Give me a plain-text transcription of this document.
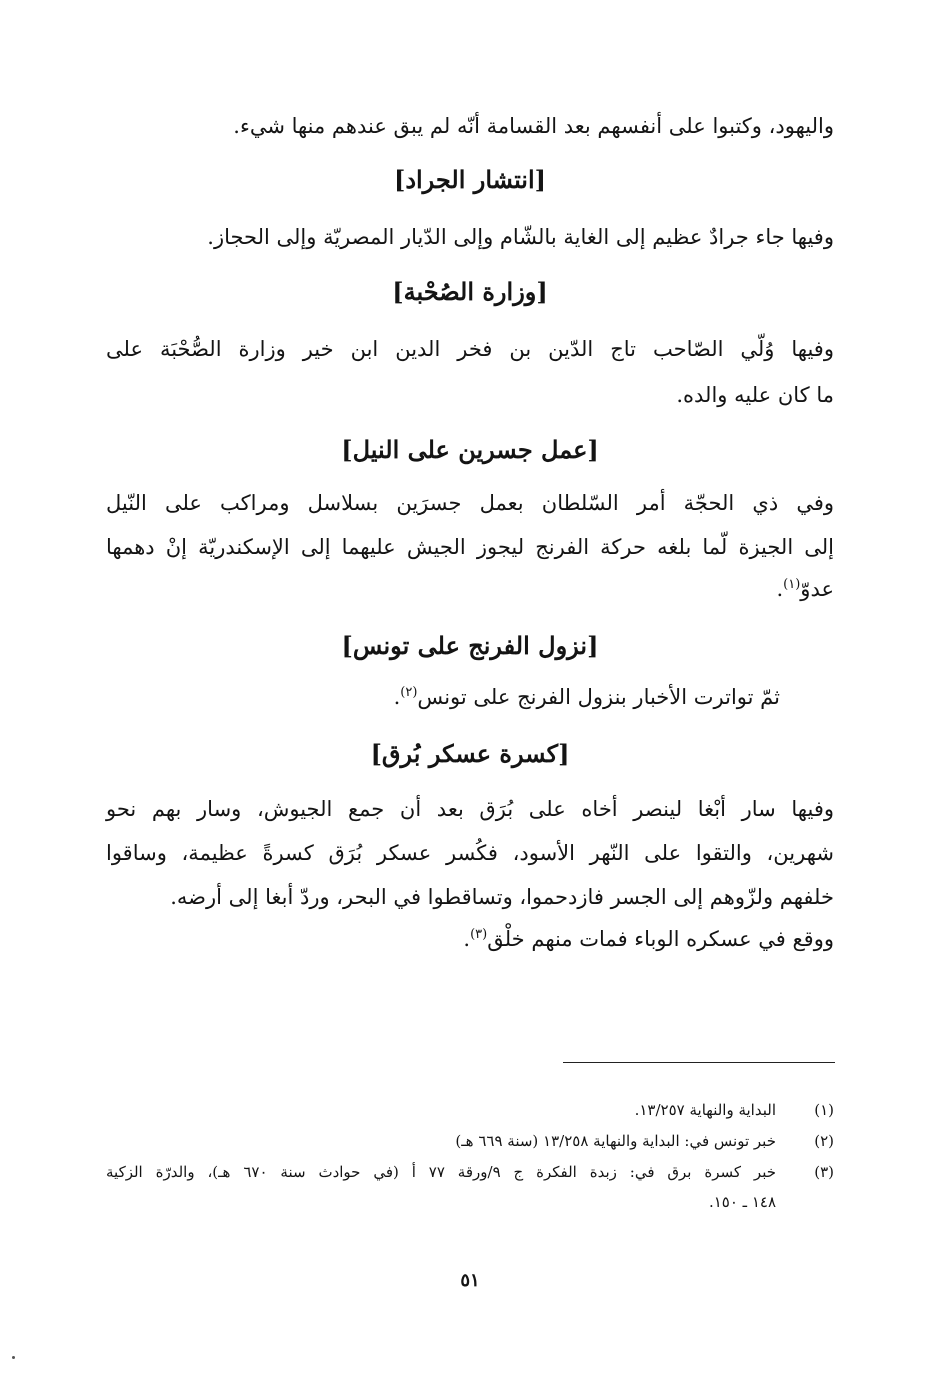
واليهود، وكتبوا على أنفسهم بعد القسامة أنّه لم يبق عندهم منها شيء.
[انتشار الجراد]
وفيها جاء جرادٌ عظيم إلى الغاية بالشّام وإلى الدّيار المصريّة وإلى الحجاز.
[وزارة الصُحْبة]
وفيها وُلّي الصّاحب تاج الدّين بن فخر الدين ابن خير وزارة الصُّحْبَة على
ما كان عليه والده.
[عمل جسرين على النيل]
وفي ذي الحجّة أمر السّلطان بعمل جسرَين بسلاسل ومراكب على النّيل
إلى الجيزة لّما بلغه حركة الفرنج ليجوز الجيش عليهما إلى الإسكندريّة إنْ دهمها
عدوّ$^{(١)}$.
[نزول الفرنج على تونس]
ثمّ تواترت الأخبار بنزول الفرنج على تونس$^{(٢)}$.
[كسرة عسكر بُرق]
وفيها سار أبْغا لينصر أخاه على بُرَق بعد أن جمع الجيوش، وسار بهم نحو
شهرين، والتقوا على النّهر الأسود، فكُسر عسكر بُرَق كسرةً عظيمة، وساقوا
خلفهم ولزّوهم إلى الجسر فازدحموا، وتساقطوا في البحر، وردّ أبغا إلى أرضه.
ووقع في عسكره الوباء فمات منهم خلْق$^{(٣)}$.
(١)
البداية والنهاية ١٣/٢٥٧.
(٢)
خبر تونس في: البداية والنهاية ١٣/٢٥٨ (سنة ٦٦٩ هـ)
(٣)
خبر كسرة برق في: زبدة الفكرة ج ٩/ورقة ٧٧ أ (في حوادث سنة ٦٧٠ هـ)، والدرّة الزكية
١٤٨ ـ ١٥٠.
٥١
